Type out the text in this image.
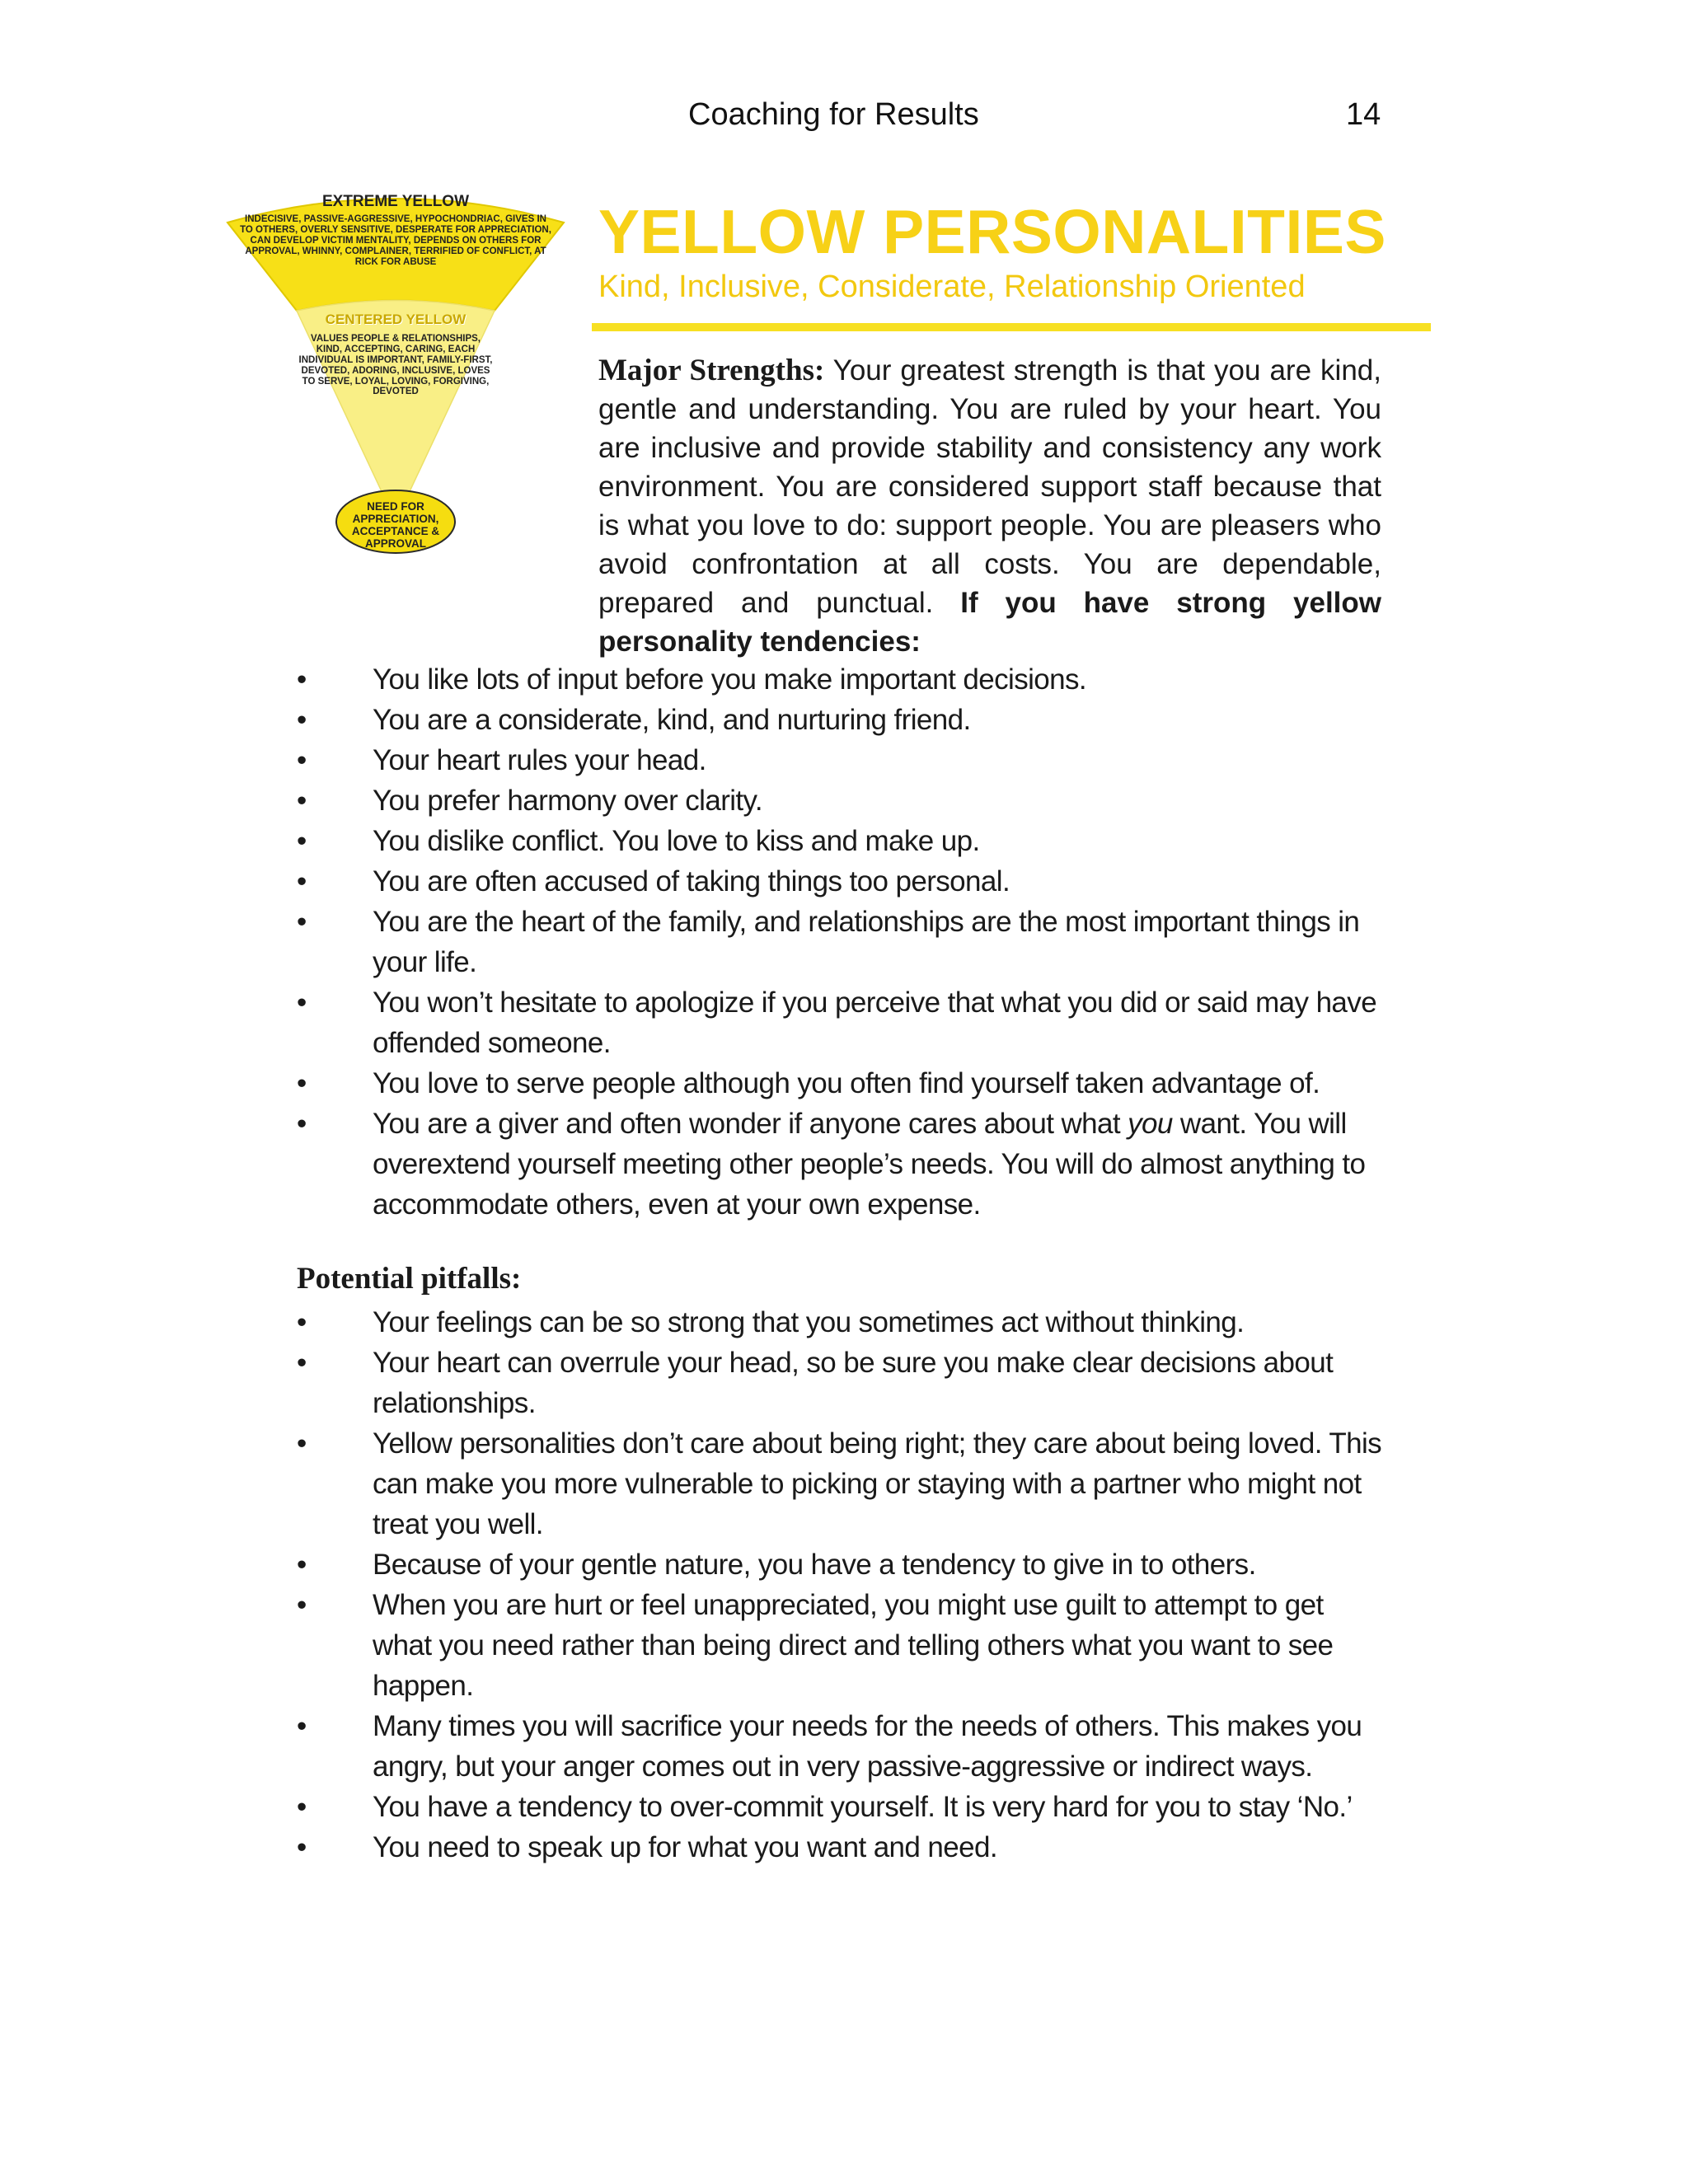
Coaching for Results	14
EXTREME YELLOW
INDECISIVE, PASSIVE-AGGRESSIVE, HYPOCHONDRIAC, GIVES IN TO OTHERS, OVERLY SENSITIVE, DESPERATE FOR APPRECIATION, CAN DEVELOP VICTIM MENTALITY, DEPENDS ON OTHERS FOR APPROVAL, WHINNY, COMPLAINER, TERRIFIED OF CONFLICT, AT RICK FOR ABUSE
CENTERED YELLOW
VALUES PEOPLE & RELATIONSHIPS, KIND, ACCEPTING, CARING, EACH INDIVIDUAL IS IMPORTANT, FAMILY-FIRST, DEVOTED, ADORING, INCLUSIVE, LOVES TO SERVE, LOYAL, LOVING, FORGIVING, DEVOTED
NEED FOR APPRECIATION, ACCEPTANCE & APPROVAL
YELLOW PERSONALITIES
Kind, Inclusive, Considerate, Relationship Oriented

Major Strengths: Your greatest strength is that you are kind, gentle and understanding. You are ruled by your heart. You are inclusive and provide stability and consistency any work environment. You are considered support staff because that is what you love to do: support people. You are pleasers who avoid confrontation at all costs. You are dependable, prepared and punctual. If you have strong yellow personality tendencies:

• You like lots of input before you make important decisions.
• You are a considerate, kind, and nurturing friend.
• Your heart rules your head.
• You prefer harmony over clarity.
• You dislike conflict. You love to kiss and make up.
• You are often accused of taking things too personal.
• You are the heart of the family, and relationships are the most important things in your life.
• You won’t hesitate to apologize if you perceive that what you did or said may have offended someone.
• You love to serve people although you often find yourself taken advantage of.
• You are a giver and often wonder if anyone cares about what you want. You will overextend yourself meeting other people’s needs. You will do almost anything to accommodate others, even at your own expense.
Potential pitfalls:
• Your feelings can be so strong that you sometimes act without thinking.
• Your heart can overrule your head, so be sure you make clear decisions about relationships.
• Yellow personalities don’t care about being right; they care about being loved. This can make you more vulnerable to picking or staying with a partner who might not treat you well.
• Because of your gentle nature, you have a tendency to give in to others.
• When you are hurt or feel unappreciated, you might use guilt to attempt to get what you need rather than being direct and telling others what you want to see happen.
• Many times you will sacrifice your needs for the needs of others. This makes you angry, but your anger comes out in very passive-aggressive or indirect ways.
• You have a tendency to over-commit yourself. It is very hard for you to stay ‘No.’
• You need to speak up for what you want and need.
